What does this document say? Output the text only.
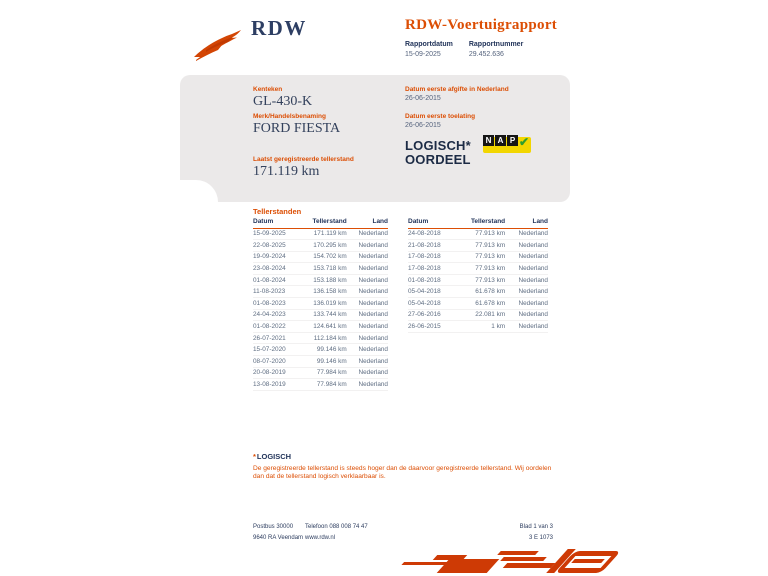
RDW	RDW-Voertuigrapport
Rapportdatum
15-09-2025
Rapportnummer
29.452.636
Kenteken
GL-430-K
Merk/Handelsbenaming
FORD FIESTA
Laatst geregistreerde tellerstand
171.119 km
Datum eerste afgifte in Nederland
26-06-2015
Datum eerste toelating
26-06-2015
LOGISCH*
OORDEEL
N A P ✔
Tellerstanden
Datum	Tellerstand	Land
15-09-2025	171.119 km	Nederland
22-08-2025	170.295 km	Nederland
19-09-2024	154.702 km	Nederland
23-08-2024	153.718 km	Nederland
01-08-2024	153.188 km	Nederland
11-08-2023	136.158 km	Nederland
01-08-2023	136.019 km	Nederland
24-04-2023	133.744 km	Nederland
01-08-2022	124.641 km	Nederland
26-07-2021	112.184 km	Nederland
15-07-2020	99.146 km	Nederland
08-07-2020	99.146 km	Nederland
20-08-2019	77.984 km	Nederland
13-08-2019	77.984 km	Nederland
Datum	Tellerstand	Land
24-08-2018	77.913 km	Nederland
21-08-2018	77.913 km	Nederland
17-08-2018	77.913 km	Nederland
17-08-2018	77.913 km	Nederland
01-08-2018	77.913 km	Nederland
05-04-2018	61.678 km	Nederland
05-04-2018	61.678 km	Nederland
27-06-2016	22.081 km	Nederland
26-06-2015	1 km	Nederland
*LOGISCH
De geregistreerde tellerstand is steeds hoger dan de daarvoor geregistreerde tellerstand. Wij oordelen dan dat de tellerstand logisch verklaarbaar is.
Postbus 30000
9640 RA Veendam
Telefoon 088 008 74 47
www.rdw.nl
Blad 1 van 3
3 E 1073
